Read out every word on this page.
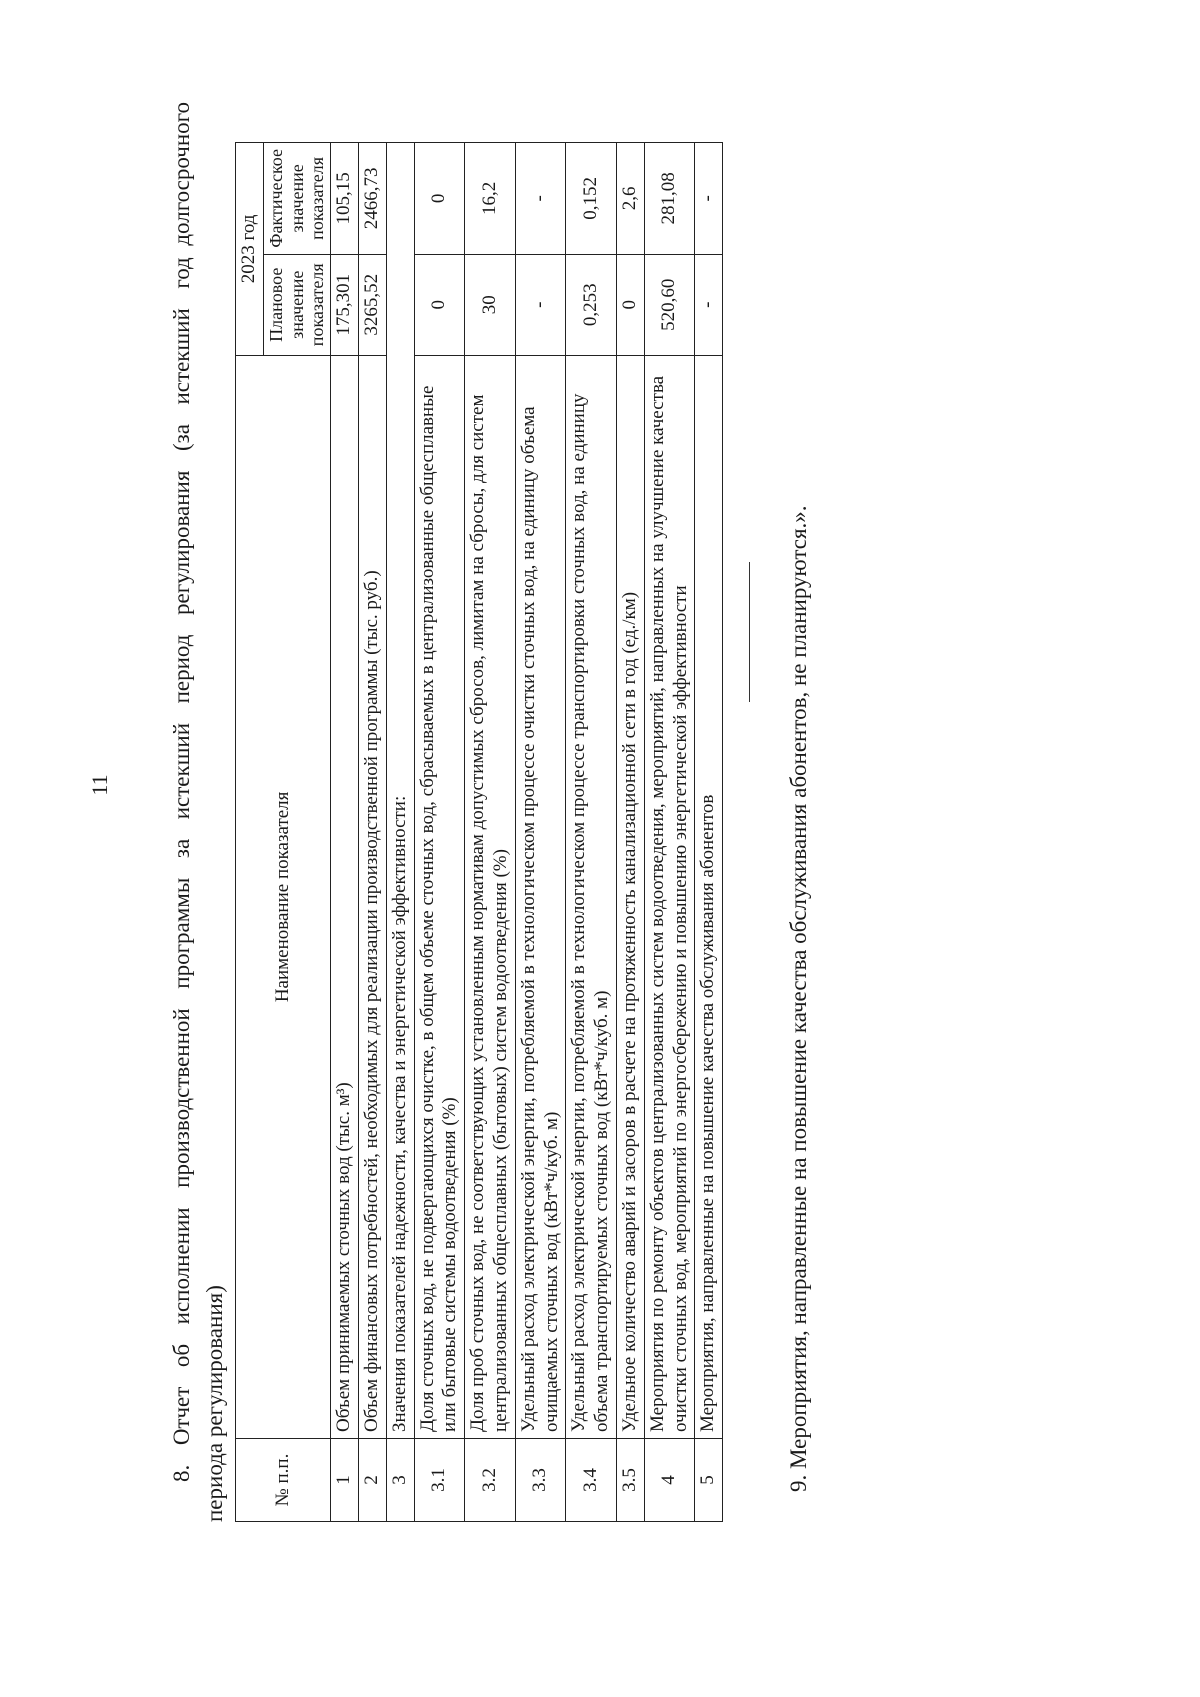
11 8. Отчет об исполнении производственной программы за истекший период регулирования (за истекший год долгосрочного периода регулирования) № п.п.	Наименование показателя	2023 год	
		Плановое значение показателя	Фактическое значение показателя
1	Объем принимаемых сточных вод (тыс. м³)	175,301	105,15
2	Объем финансовых потребностей, необходимых для реализации производственной программы (тыс. руб.)	3265,52	2466,73
3	Значения показателей надежности, качества и энергетической эффективности:		
3.1	Доля сточных вод, не подвергающихся очистке, в общем объеме сточных вод, сбрасываемых в централизованные общесплавные или бытовые системы водоотведения (%)	0	0
3.2	Доля проб сточных вод, не соответствующих установленным нормативам допустимых сбросов, лимитам на сбросы, для систем централизованных общесплавных (бытовых) систем водоотведения (%)	30	16,2
3.3	Удельный расход электрической энергии, потребляемой в технологическом процессе очистки сточных вод, на единицу объема очищаемых сточных вод (кВт*ч/куб. м)	-	-
3.4	Удельный расход электрической энергии, потребляемой в технологическом процессе транспортировки сточных вод, на единицу объема транспортируемых сточных вод (кВт*ч/куб. м)	0,253	0,152
3.5	Удельное количество аварий и засоров в расчете на протяженность канализационной сети в год (ед./км)	0	2,6
4	Мероприятия по ремонту объектов централизованных систем водоотведения, мероприятий, направленных на улучшение качества очистки сточных вод, мероприятий по энергосбережению и повышению энергетической эффективности	520,60	281,08
5	Мероприятия, направленные на повышение качества обслуживания абонентов	-	-
9. Мероприятия, направленные на повышение качества обслуживания абонентов, не планируются.».
